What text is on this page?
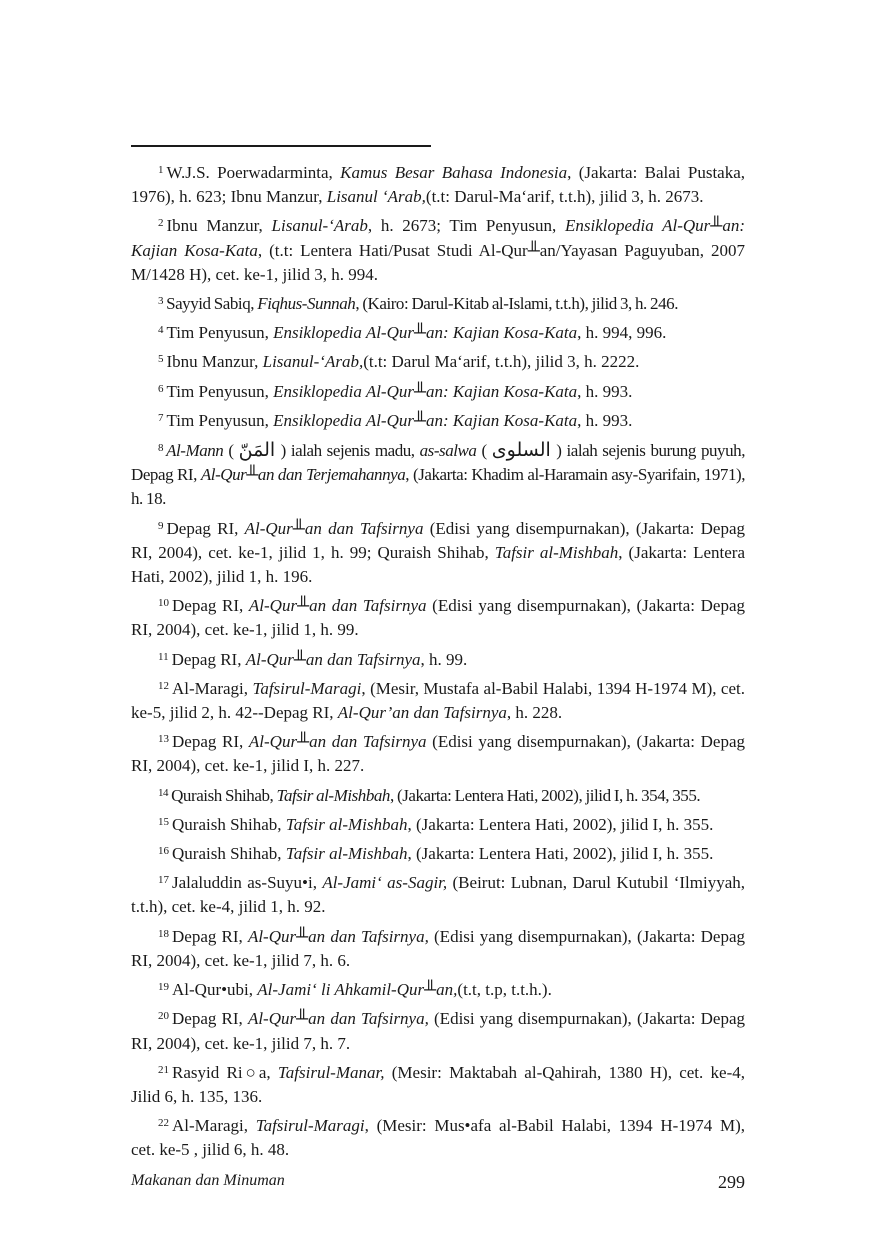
$^1$ W.J.S. Poerwadarminta, Kamus Besar Bahasa Indonesia, (Jakarta: Balai Pustaka, 1976), h. 623; Ibnu Manzur, Lisanul ‘Arab,(t.t: Darul-Ma‘arif, t.t.h), jilid 3, h. 2673.

$^2$ Ibnu Manzur, Lisanul-‘Arab, h. 2673; Tim Penyusun, Ensiklopedia Al-Qur╨an: Kajian Kosa-Kata, (t.t: Lentera Hati/Pusat Studi Al-Qur╨an/Yayasan Paguyuban, 2007 M/1428 H), cet. ke-1, jilid 3, h. 994.

$^3$ Sayyid Sabiq, Fiqhus-Sunnah, (Kairo: Darul-Kitab al-Islami, t.t.h), jilid 3, h. 246.

$^4$ Tim Penyusun, Ensiklopedia Al-Qur╨an: Kajian Kosa-Kata, h. 994, 996.

$^5$ Ibnu Manzur, Lisanul-‘Arab,(t.t: Darul Ma‘arif, t.t.h), jilid 3, h. 2222.

$^6$ Tim Penyusun, Ensiklopedia Al-Qur╨an: Kajian Kosa-Kata, h. 993.

$^7$ Tim Penyusun, Ensiklopedia Al-Qur╨an: Kajian Kosa-Kata, h. 993.

$^8$ Al-Mann ( المَنّ ) ialah sejenis madu, as-salwa ( السلوى ) ialah sejenis burung puyuh, Depag RI, Al-Qur╨an dan Terjemahannya, (Jakarta: Khadim al-Haramain asy-Syarifain, 1971), h. 18.

$^9$ Depag RI, Al-Qur╨an dan Tafsirnya (Edisi yang disempurnakan), (Jakarta: Depag RI, 2004), cet. ke-1, jilid 1, h. 99; Quraish Shihab, Tafsir al-Mishbah, (Jakarta: Lentera Hati, 2002), jilid 1, h. 196.

$^{10}$ Depag RI, Al-Qur╨an dan Tafsirnya (Edisi yang disempurnakan), (Jakarta: Depag RI, 2004), cet. ke-1, jilid 1, h. 99.

$^{11}$ Depag RI, Al-Qur╨an dan Tafsirnya, h. 99.

$^{12}$ Al-Maragi, Tafsirul-Maragi, (Mesir, Mustafa al-Babil Halabi, 1394 H-1974 M), cet. ke-5, jilid 2, h. 42--Depag RI, Al-Qur’an dan Tafsirnya, h. 228.

$^{13}$ Depag RI, Al-Qur╨an dan Tafsirnya (Edisi yang disempurnakan), (Jakarta: Depag RI, 2004), cet. ke-1, jilid I, h. 227.

$^{14}$ Quraish Shihab, Tafsir al-Mishbah, (Jakarta: Lentera Hati, 2002), jilid I, h. 354, 355.

$^{15}$ Quraish Shihab, Tafsir al-Mishbah, (Jakarta: Lentera Hati, 2002), jilid I, h. 355.

$^{16}$ Quraish Shihab, Tafsir al-Mishbah, (Jakarta: Lentera Hati, 2002), jilid I, h. 355.

$^{17}$ Jalaluddin as-Suyu•i, Al-Jami‘ as-Sagir, (Beirut: Lubnan, Darul Kutubil ‘Ilmiyyah, t.t.h), cet. ke-4, jilid 1, h. 92.

$^{18}$ Depag RI, Al-Qur╨an dan Tafsirnya, (Edisi yang disempurnakan), (Jakarta: Depag RI, 2004), cet. ke-1, jilid 7, h. 6.

$^{19}$ Al-Qur•ubi, Al-Jami‘ li Ahkamil-Qur╨an,(t.t, t.p, t.t.h.).

$^{20}$ Depag RI, Al-Qur╨an dan Tafsirnya, (Edisi yang disempurnakan), (Jakarta: Depag RI, 2004), cet. ke-1, jilid 7, h. 7.

$^{21}$ Rasyid Ri○a, Tafsirul-Manar, (Mesir: Maktabah al-Qahirah, 1380 H), cet. ke-4, Jilid 6, h. 135, 136.

$^{22}$ Al-Maragi, Tafsirul-Maragi, (Mesir: Mus•afa al-Babil Halabi, 1394 H-1974 M), cet. ke-5 , jilid 6, h. 48.

Makanan dan Minuman	299
